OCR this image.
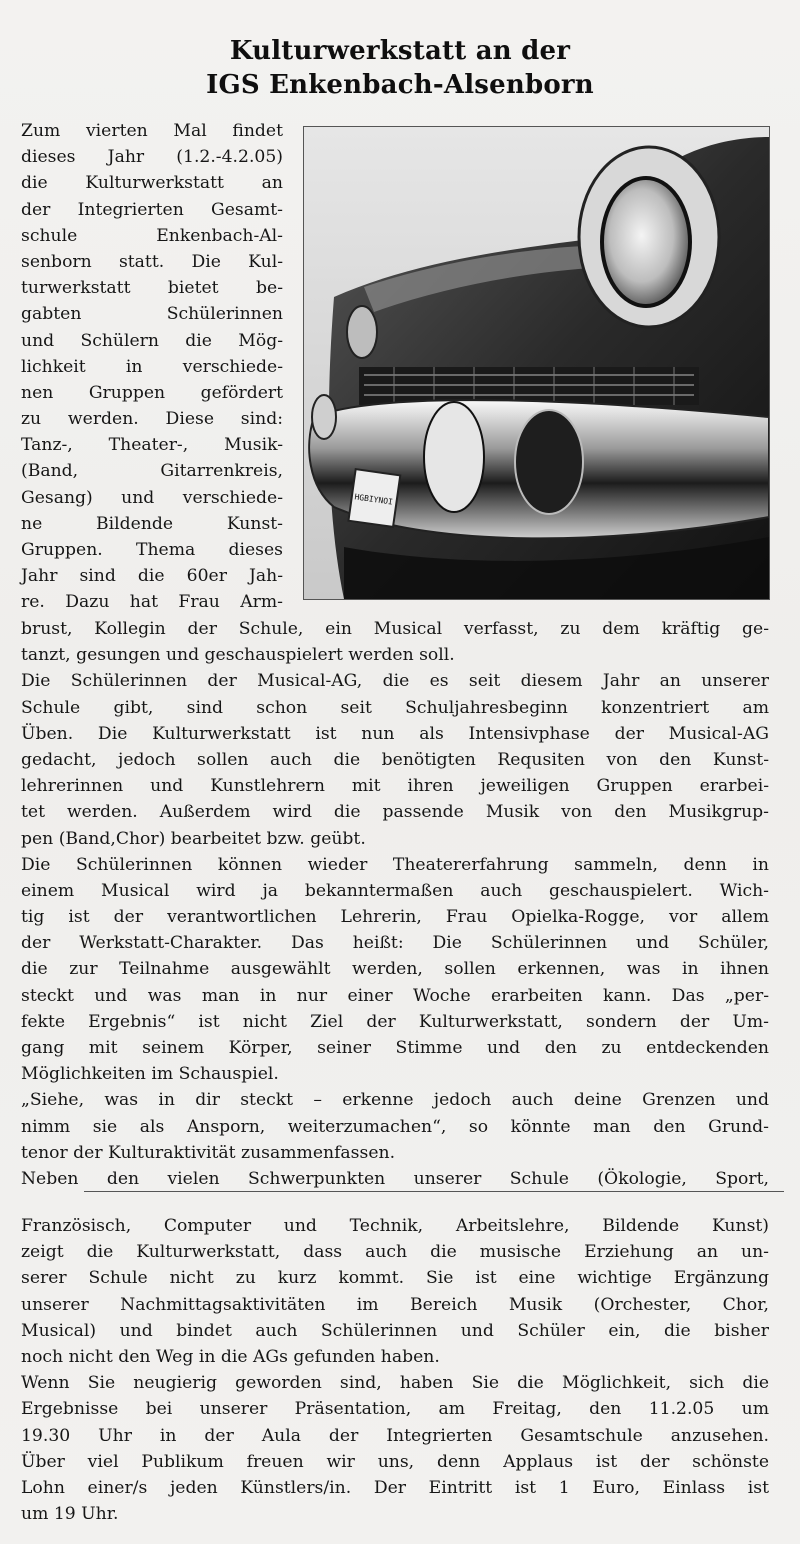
Kulturwerkstatt an der
IGS Enkenbach-Alsenborn
Zum vierten Mal findet
dieses Jahr (1.2.-4.2.05)
die Kulturwerkstatt an
der Integrierten Gesamt-
schule Enkenbach-Al-
senborn statt. Die Kul-
turwerkstatt bietet be-
gabten Schülerinnen
und Schülern die Mög-
lichkeit in verschiede-
nen Gruppen gefördert
zu werden. Diese sind:
Tanz-, Theater-, Musik-
(Band, Gitarrenkreis,
Gesang) und verschiede-
ne Bildende Kunst-
Gruppen. Thema dieses
Jahr sind die 60er Jah-
re. Dazu hat Frau Arm-
HGBIYNOI
brust, Kollegin der Schule, ein Musical verfasst, zu dem kräftig ge-
tanzt, gesungen und geschauspielert werden soll.
Die Schülerinnen der Musical-AG, die es seit diesem Jahr an unserer
Schule gibt, sind schon seit Schuljahresbeginn konzentriert am
Üben. Die Kulturwerkstatt ist nun als Intensivphase der Musical-AG
gedacht, jedoch sollen auch die benötigten Requsiten von den Kunst-
lehrerinnen und Kunstlehrern mit ihren jeweiligen Gruppen erarbei-
tet werden. Außerdem wird die passende Musik von den Musikgrup-
pen (Band,Chor) bearbeitet bzw. geübt.
Die Schülerinnen können wieder Theatererfahrung sammeln, denn in
einem Musical wird ja bekanntermaßen auch geschauspielert. Wich-
tig ist der verantwortlichen Lehrerin, Frau Opielka-Rogge, vor allem
der Werkstatt-Charakter. Das heißt: Die Schülerinnen und Schüler,
die zur Teilnahme ausgewählt werden, sollen erkennen, was in ihnen
steckt und was man in nur einer Woche erarbeiten kann. Das „per-
fekte Ergebnis“ ist nicht Ziel der Kulturwerkstatt, sondern der Um-
gang mit seinem Körper, seiner Stimme und den zu entdeckenden
Möglichkeiten im Schauspiel.
„Siehe, was in dir steckt – erkenne jedoch auch deine Grenzen und
nimm sie als Ansporn, weiterzumachen“, so könnte man den Grund-
tenor der Kulturaktivität zusammenfassen.
Neben den vielen Schwerpunkten unserer Schule (Ökologie, Sport,
Französisch, Computer und Technik, Arbeitslehre, Bildende Kunst)
zeigt die Kulturwerkstatt, dass auch die musische Erziehung an un-
serer Schule nicht zu kurz kommt. Sie ist eine wichtige Ergänzung
unserer Nachmittagsaktivitäten im Bereich Musik (Orchester, Chor,
Musical) und bindet auch Schülerinnen und Schüler ein, die bisher
noch nicht den Weg in die AGs gefunden haben.
Wenn Sie neugierig geworden sind, haben Sie die Möglichkeit, sich die
Ergebnisse bei unserer Präsentation, am Freitag, den 11.2.05 um
19.30 Uhr in der Aula der Integrierten Gesamtschule anzusehen.
Über viel Publikum freuen wir uns, denn Applaus ist der schönste
Lohn einer/s jeden Künstlers/in. Der Eintritt ist 1 Euro, Einlass ist
um 19 Uhr.
